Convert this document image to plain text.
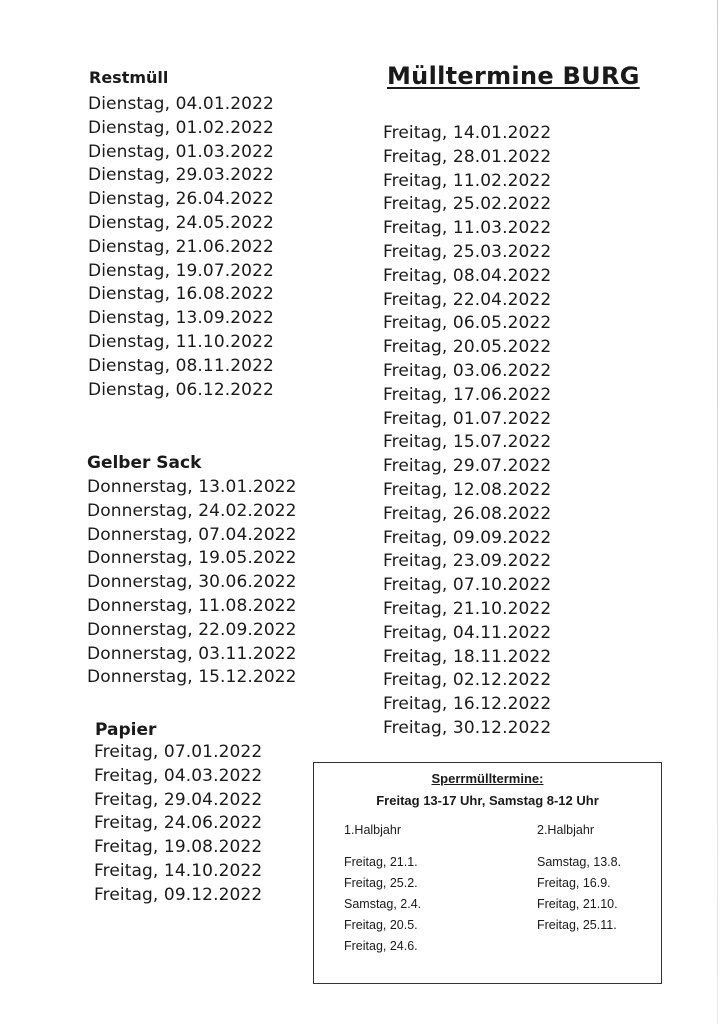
Mülltermine BURG
Restmüll
Dienstag, 04.01.2022
Dienstag, 01.02.2022
Dienstag, 01.03.2022
Dienstag, 29.03.2022
Dienstag, 26.04.2022
Dienstag, 24.05.2022
Dienstag, 21.06.2022
Dienstag, 19.07.2022
Dienstag, 16.08.2022
Dienstag, 13.09.2022
Dienstag, 11.10.2022
Dienstag, 08.11.2022
Dienstag, 06.12.2022
Freitag, 14.01.2022
Freitag, 28.01.2022
Freitag, 11.02.2022
Freitag, 25.02.2022
Freitag, 11.03.2022
Freitag, 25.03.2022
Freitag, 08.04.2022
Freitag, 22.04.2022
Freitag, 06.05.2022
Freitag, 20.05.2022
Freitag, 03.06.2022
Freitag, 17.06.2022
Freitag, 01.07.2022
Freitag, 15.07.2022
Freitag, 29.07.2022
Freitag, 12.08.2022
Freitag, 26.08.2022
Freitag, 09.09.2022
Freitag, 23.09.2022
Freitag, 07.10.2022
Freitag, 21.10.2022
Freitag, 04.11.2022
Freitag, 18.11.2022
Freitag, 02.12.2022
Freitag, 16.12.2022
Freitag, 30.12.2022
Gelber Sack
Donnerstag, 13.01.2022
Donnerstag, 24.02.2022
Donnerstag, 07.04.2022
Donnerstag, 19.05.2022
Donnerstag, 30.06.2022
Donnerstag, 11.08.2022
Donnerstag, 22.09.2022
Donnerstag, 03.11.2022
Donnerstag, 15.12.2022
Papier
Freitag, 07.01.2022
Freitag, 04.03.2022
Freitag, 29.04.2022
Freitag, 24.06.2022
Freitag, 19.08.2022
Freitag, 14.10.2022
Freitag, 09.12.2022
Sperrmülltermine:
Freitag 13-17 Uhr, Samstag 8-12 Uhr
1.Halbjahr	2.Halbjahr
Freitag, 21.1.
Freitag, 25.2.
Samstag, 2.4.
Freitag, 20.5.
Freitag, 24.6.
Samstag, 13.8.
Freitag, 16.9.
Freitag, 21.10.
Freitag, 25.11.
